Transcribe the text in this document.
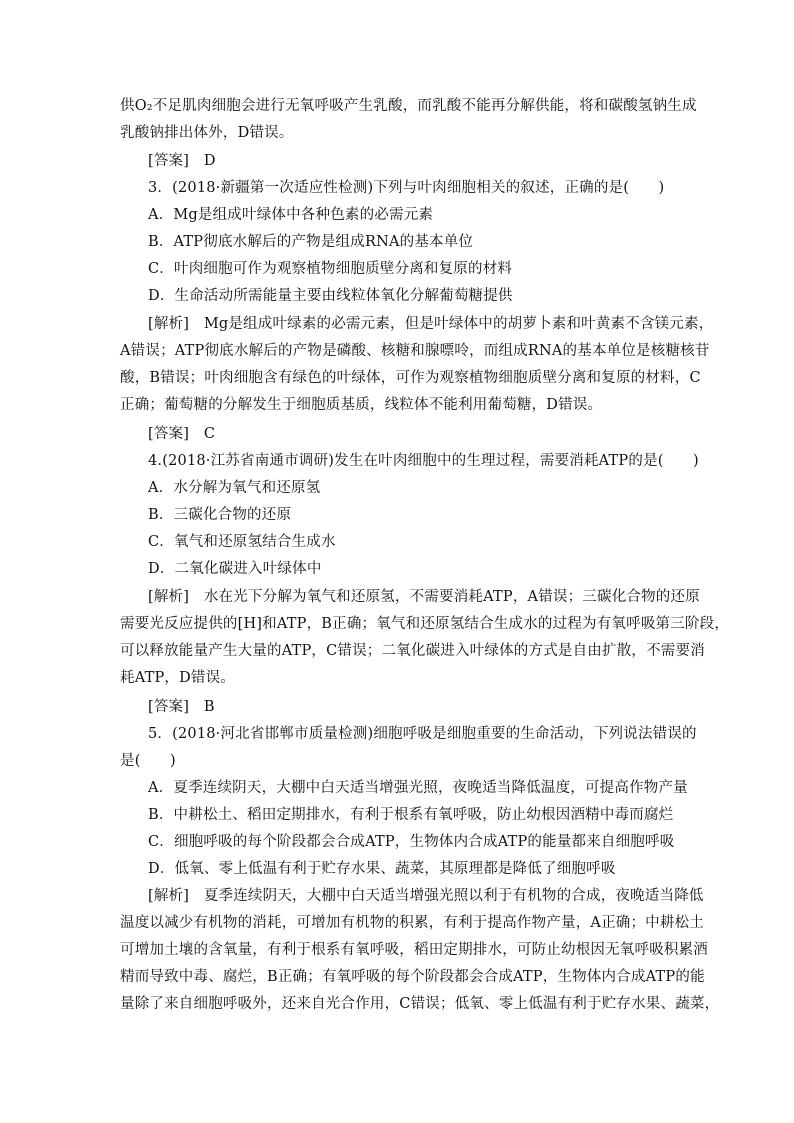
供O₂不足肌肉细胞会进行无氧呼吸产生乳酸，而乳酸不能再分解供能，将和碳酸氢钠生成
乳酸钠排出体外，D错误。
[答案]　D
3．(2018·新疆第一次适应性检测)下列与叶肉细胞相关的叙述，正确的是(　　)
A．Mg是组成叶绿体中各种色素的必需元素
B．ATP彻底水解后的产物是组成RNA的基本单位
C．叶肉细胞可作为观察植物细胞质壁分离和复原的材料
D．生命活动所需能量主要由线粒体氧化分解葡萄糖提供
[解析]　Mg是组成叶绿素的必需元素，但是叶绿体中的胡萝卜素和叶黄素不含镁元素，
A错误；ATP彻底水解后的产物是磷酸、核糖和腺嘌呤，而组成RNA的基本单位是核糖核苷
酸，B错误；叶肉细胞含有绿色的叶绿体，可作为观察植物细胞质壁分离和复原的材料，C
正确；葡萄糖的分解发生于细胞质基质，线粒体不能利用葡萄糖，D错误。
[答案]　C
4.(2018·江苏省南通市调研)发生在叶肉细胞中的生理过程，需要消耗ATP的是(　　)
A．水分解为氧气和还原氢
B．三碳化合物的还原
C．氧气和还原氢结合生成水
D．二氧化碳进入叶绿体中
[解析]　水在光下分解为氧气和还原氢，不需要消耗ATP，A错误；三碳化合物的还原
需要光反应提供的[H]和ATP，B正确；氧气和还原氢结合生成水的过程为有氧呼吸第三阶段，
可以释放能量产生大量的ATP，C错误；二氧化碳进入叶绿体的方式是自由扩散，不需要消
耗ATP，D错误。
[答案]　B
5．(2018·河北省邯郸市质量检测)细胞呼吸是细胞重要的生命活动，下列说法错误的
是(　　)
A．夏季连续阴天，大棚中白天适当增强光照，夜晚适当降低温度，可提高作物产量
B．中耕松土、稻田定期排水，有利于根系有氧呼吸，防止幼根因酒精中毒而腐烂
C．细胞呼吸的每个阶段都会合成ATP，生物体内合成ATP的能量都来自细胞呼吸
D．低氧、零上低温有利于贮存水果、蔬菜，其原理都是降低了细胞呼吸
[解析]　夏季连续阴天，大棚中白天适当增强光照以利于有机物的合成，夜晚适当降低
温度以减少有机物的消耗，可增加有机物的积累，有利于提高作物产量，A正确；中耕松土
可增加土壤的含氧量，有利于根系有氧呼吸，稻田定期排水，可防止幼根因无氧呼吸积累酒
精而导致中毒、腐烂，B正确；有氧呼吸的每个阶段都会合成ATP，生物体内合成ATP的能
量除了来自细胞呼吸外，还来自光合作用，C错误；低氧、零上低温有利于贮存水果、蔬菜，
